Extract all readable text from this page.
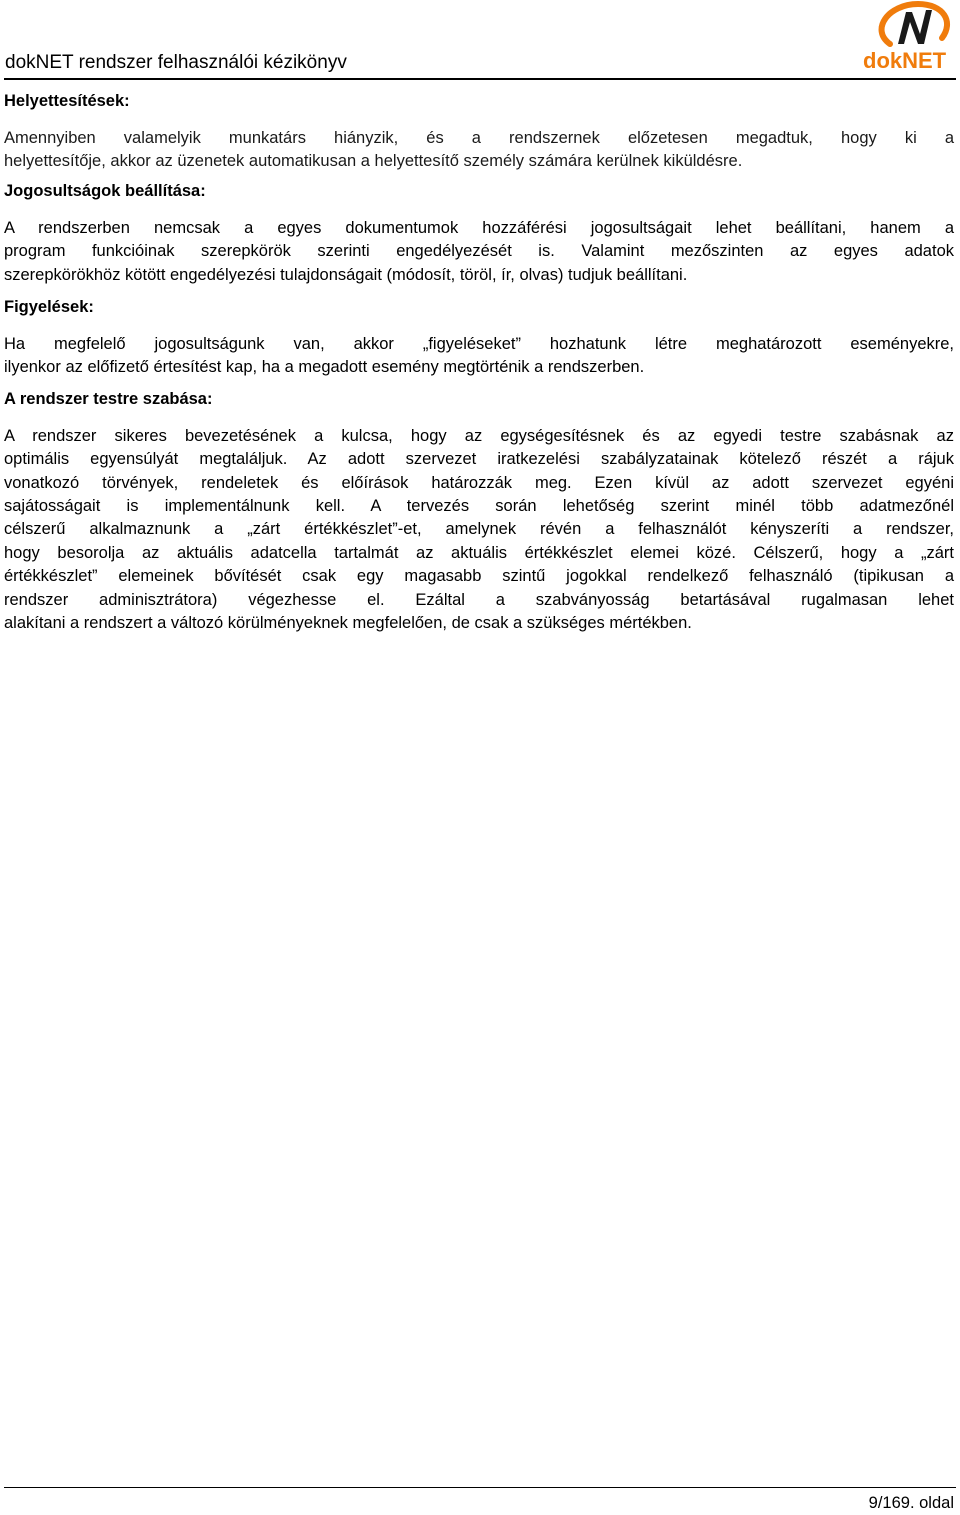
dokNET rendszer felhasználói kézikönyv	dokNET
Helyettesítések:
Amennyiben valamelyik munkatárs hiányzik, és a rendszernek előzetesen megadtuk, hogy ki a
helyettesítője, akkor az üzenetek automatikusan a helyettesítő személy számára kerülnek kiküldésre.
Jogosultságok beállítása:
A rendszerben nemcsak a egyes dokumentumok hozzáférési jogosultságait lehet beállítani, hanem a
program funkcióinak szerepkörök szerinti engedélyezését is. Valamint mezőszinten az egyes adatok
szerepkörökhöz kötött engedélyezési tulajdonságait (módosít, töröl, ír, olvas) tudjuk beállítani.
Figyelések:
Ha megfelelő jogosultságunk van, akkor „figyeléseket” hozhatunk létre meghatározott eseményekre,
ilyenkor az előfizető értesítést kap, ha a megadott esemény megtörténik a rendszerben.
A rendszer testre szabása:
A rendszer sikeres bevezetésének a kulcsa, hogy az egységesítésnek és az egyedi testre szabásnak az
optimális egyensúlyát megtaláljuk. Az adott szervezet iratkezelési szabályzatainak kötelező részét a rájuk
vonatkozó törvények, rendeletek és előírások határozzák meg. Ezen kívül az adott szervezet egyéni
sajátosságait is implementálnunk kell. A tervezés során lehetőség szerint minél több adatmezőnél
célszerű alkalmaznunk a „zárt értékkészlet”-et, amelynek révén a felhasználót kényszeríti a rendszer,
hogy besorolja az aktuális adatcella tartalmát az aktuális értékkészlet elemei közé. Célszerű, hogy a „zárt
értékkészlet” elemeinek bővítését csak egy magasabb szintű jogokkal rendelkező felhasználó (tipikusan a
rendszer adminisztrátora) végezhesse el. Ezáltal a szabványosság betartásával rugalmasan lehet
alakítani a rendszert a változó körülményeknek megfelelően, de csak a szükséges mértékben.
9/169. oldal
